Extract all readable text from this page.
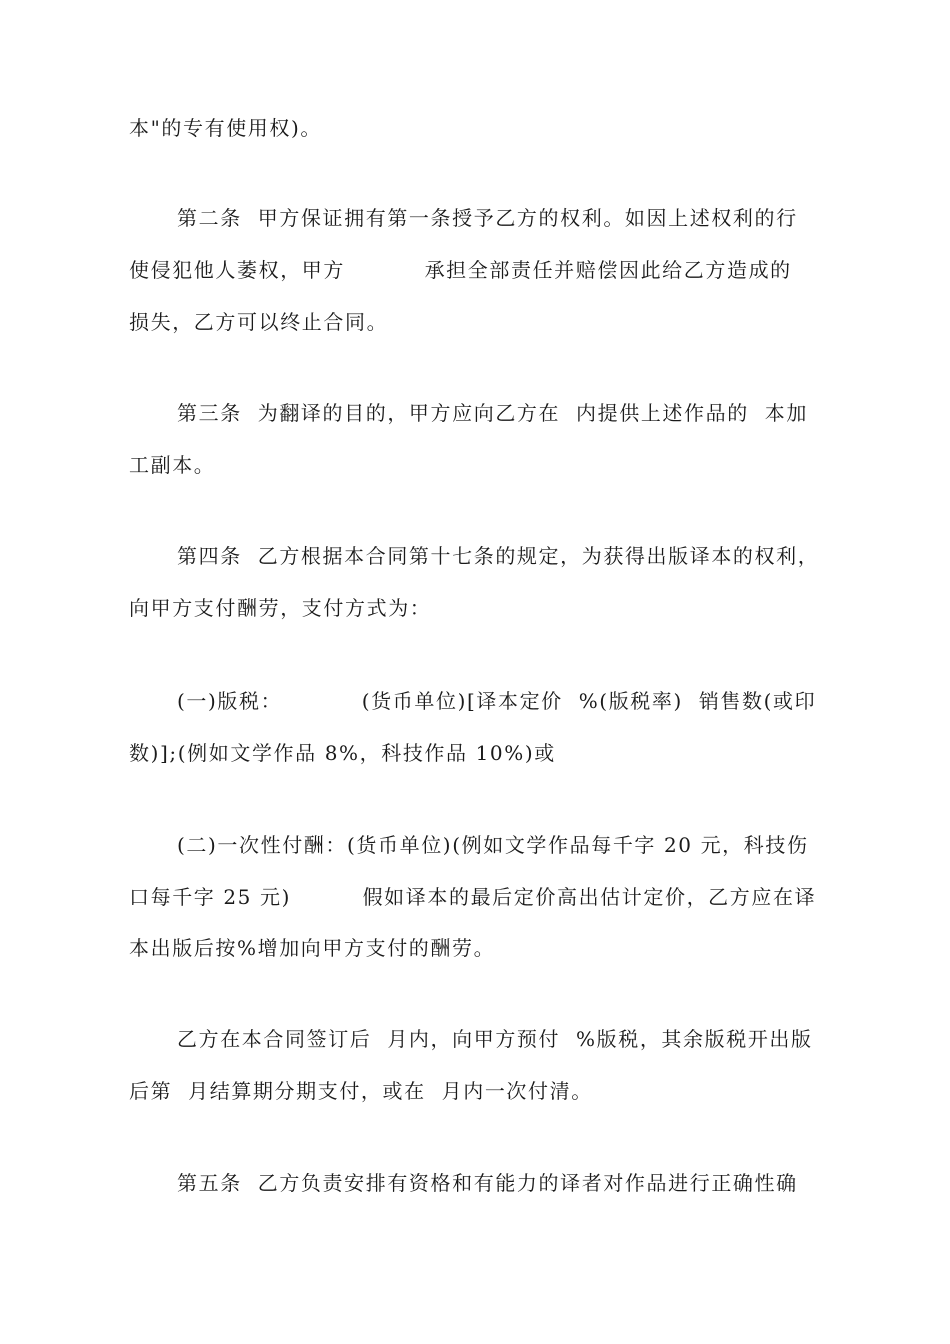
本"的专有使用权)。
第二条  甲方保证拥有第一条授予乙方的权利。如因上述权利的行
使侵犯他人萎权，甲方          承担全部责任并赔偿因此给乙方造成的
损失，乙方可以终止合同。
第三条  为翻译的目的，甲方应向乙方在  内提供上述作品的  本加
工副本。
第四条  乙方根据本合同第十七条的规定，为获得出版译本的权利，
向甲方支付酬劳，支付方式为：
(一)版税：          (货币单位)[译本定价  %(版税率)  销售数(或印
数)];(例如文学作品 8%，科技作品 10%)或
(二)一次性付酬：(货币单位)(例如文学作品每千字 20 元，科技伤
口每千字 25 元)         假如译本的最后定价高出估计定价，乙方应在译
本出版后按%增加向甲方支付的酬劳。
乙方在本合同签订后  月内，向甲方预付  %版税，其余版税开出版
后第  月结算期分期支付，或在  月内一次付清。
第五条  乙方负责安排有资格和有能力的译者对作品进行正确性确
